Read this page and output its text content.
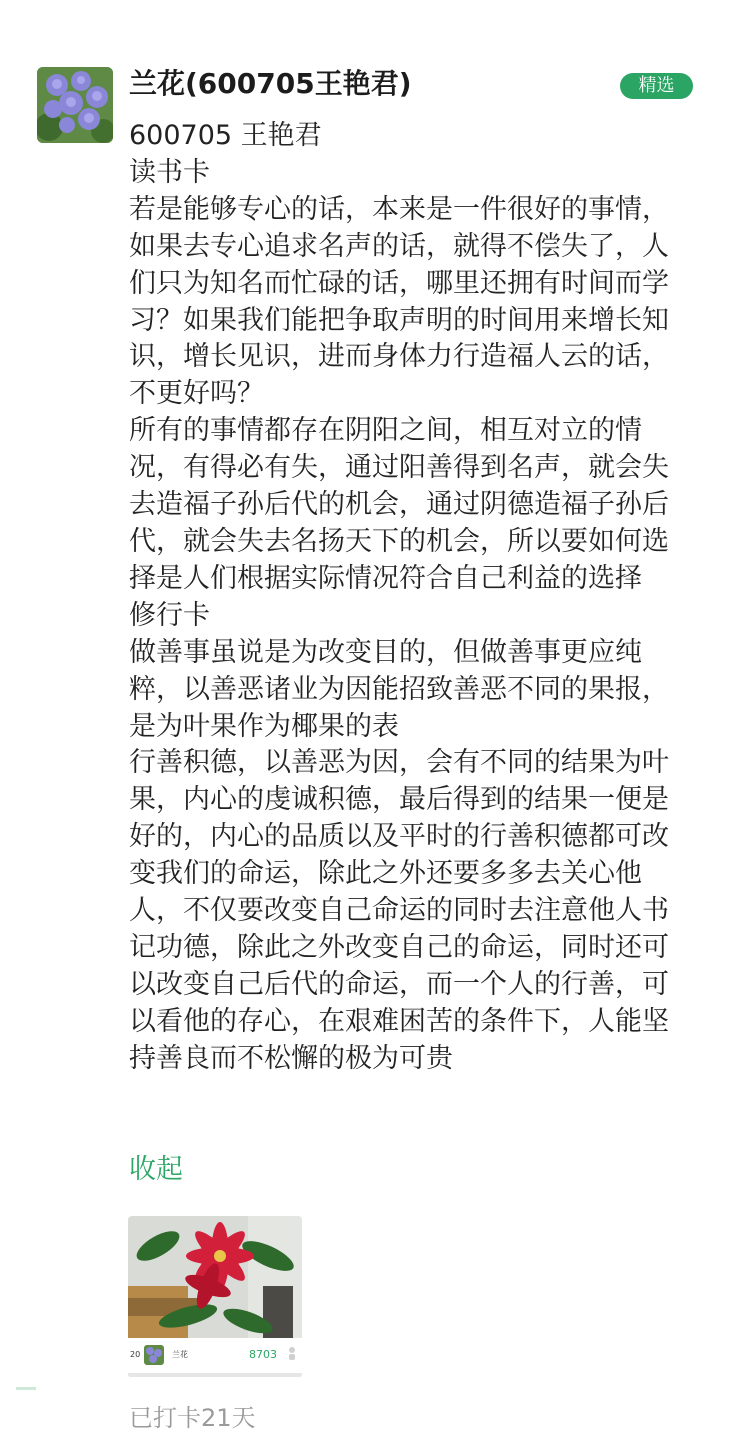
兰花(600705王艳君)	精选

600705 王艳君

读书卡

若是能够专心的话，本来是一件很好的事情，如果去专心追求名声的话，就得不偿失了，人们只为知名而忙碌的话，哪里还拥有时间而学习？如果我们能把争取声明的时间用来增长知识，增长见识，进而身体力行造福人云的话，不更好吗？

所有的事情都存在阴阳之间，相互对立的情况，有得必有失，通过阳善得到名声，就会失去造福子孙后代的机会，通过阴德造福子孙后代，就会失去名扬天下的机会，所以要如何选择是人们根据实际情况符合自己利益的选择

修行卡

做善事虽说是为改变目的，但做善事更应纯粹，以善恶诸业为因能招致善恶不同的果报，是为叶果作为椰果的表

行善积德，以善恶为因，会有不同的结果为叶果，内心的虔诚积德，最后得到的结果一便是好的，内心的品质以及平时的行善积德都可改变我们的命运，除此之外还要多多去关心他人，不仅要改变自己命运的同时去注意他人书记功德，除此之外改变自己的命运，同时还可以改变自己后代的命运，而一个人的行善，可以看他的存心，在艰难困苦的条件下，人能坚持善良而不松懈的极为可贵

收起
20	兰花	8703
已打卡21天
